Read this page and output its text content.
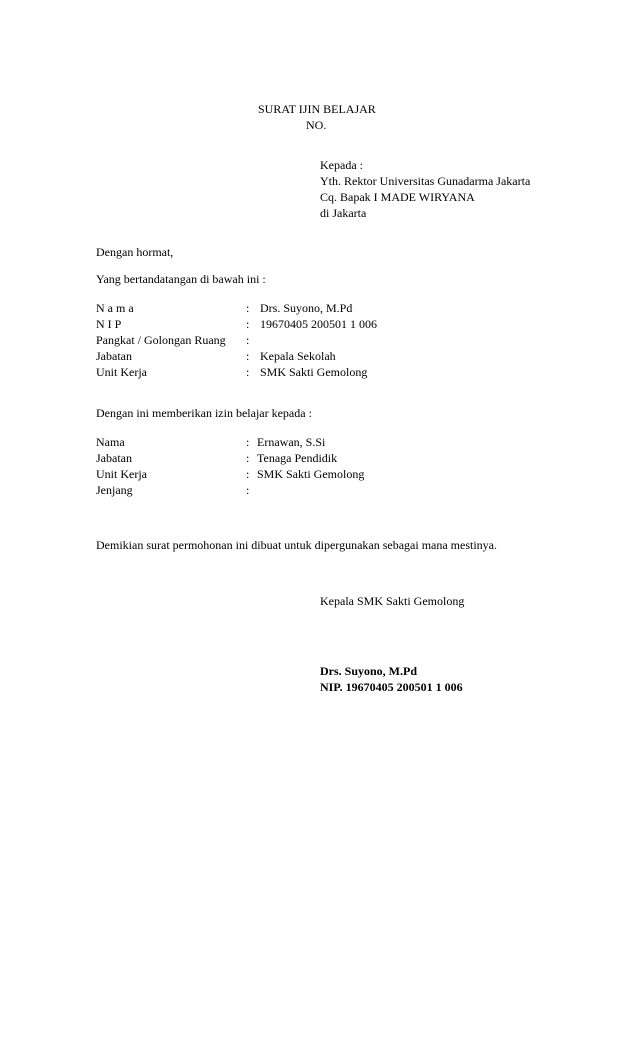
SURAT IJIN BELAJAR
NO.
Kepada :
Yth. Rektor Universitas Gunadarma Jakarta
Cq. Bapak I MADE WIRYANA
di Jakarta
Dengan hormat,
Yang bertandatangan di bawah ini :
N a m a	: Drs. Suyono, M.Pd
N I P	: 19670405 200501 1 006
Pangkat / Golongan Ruang :
Jabatan	: Kepala Sekolah
Unit Kerja	: SMK Sakti Gemolong
Dengan ini memberikan izin belajar kepada :
Nama	: Ernawan, S.Si
Jabatan	: Tenaga Pendidik
Unit Kerja	: SMK Sakti Gemolong
Jenjang	:
Demikian surat permohonan ini dibuat untuk dipergunakan sebagai mana mestinya.
Kepala SMK Sakti Gemolong
Drs. Suyono, M.Pd
NIP. 19670405 200501 1 006
